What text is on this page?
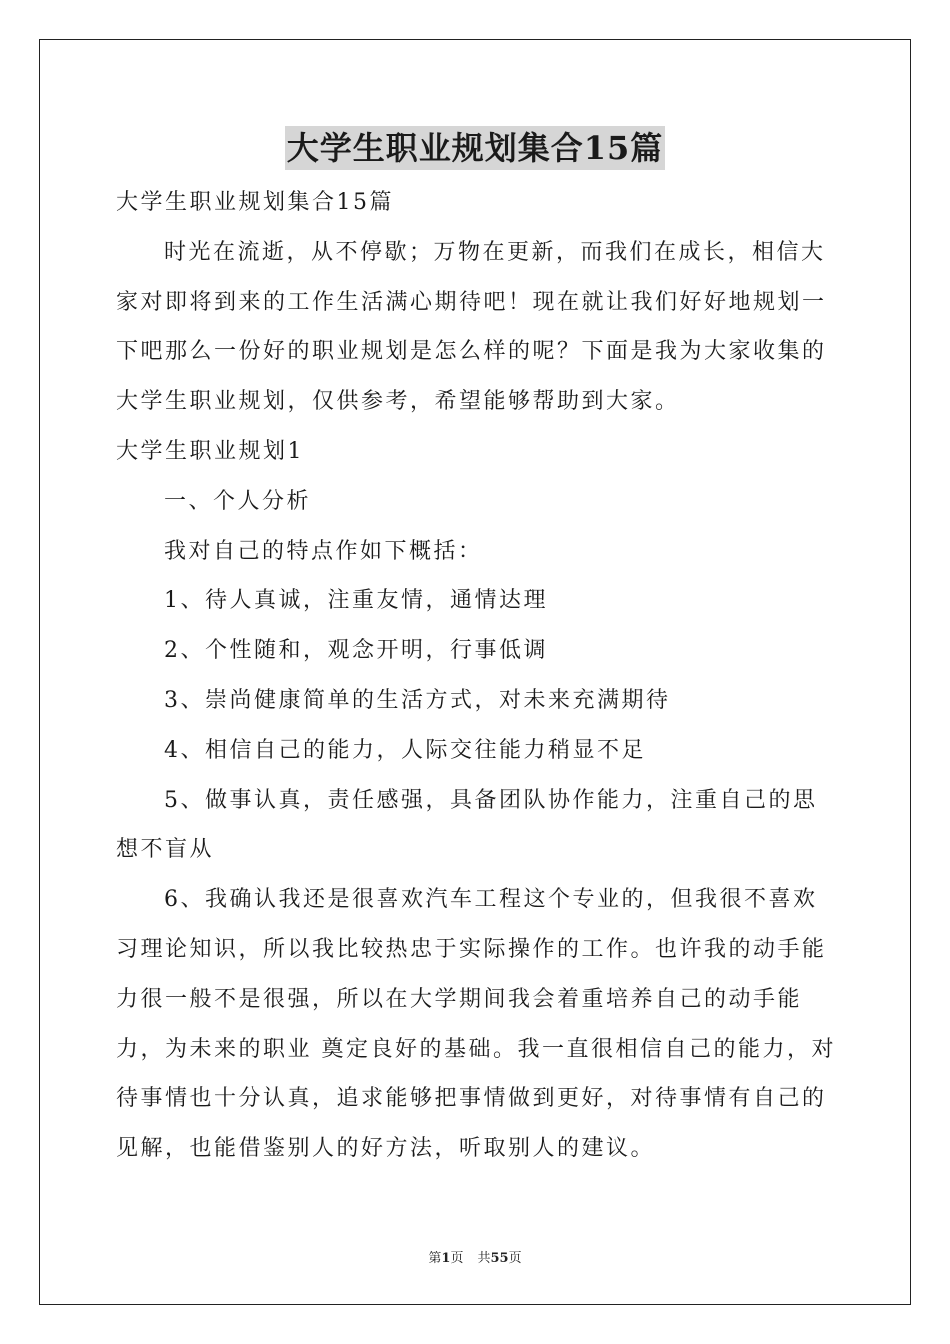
大学生职业规划集合15篇

大学生职业规划集合15篇

时光在流逝，从不停歇；万物在更新，而我们在成长，相信大家对即将到来的工作生活满心期待吧！现在就让我们好好地规划一下吧那么一份好的职业规划是怎么样的呢？下面是我为大家收集的大学生职业规划，仅供参考，希望能够帮助到大家。

大学生职业规划1

一、个人分析

我对自己的特点作如下概括：

1、待人真诚，注重友情，通情达理

2、个性随和，观念开明，行事低调

3、崇尚健康简单的生活方式，对未来充满期待

4、相信自己的能力，人际交往能力稍显不足

5、做事认真，责任感强，具备团队协作能力，注重自己的思想不盲从

6、我确认我还是很喜欢汽车工程这个专业的，但我很不喜欢习理论知识，所以我比较热忠于实际操作的工作。也许我的动手能力很一般不是很强，所以在大学期间我会着重培养自己的动手能力，为未来的职业 奠定良好的基础。我一直很相信自己的能力，对待事情也十分认真，追求能够把事情做到更好，对待事情有自己的见解，也能借鉴别人的好方法，听取别人的建议。

第1页 共55页
